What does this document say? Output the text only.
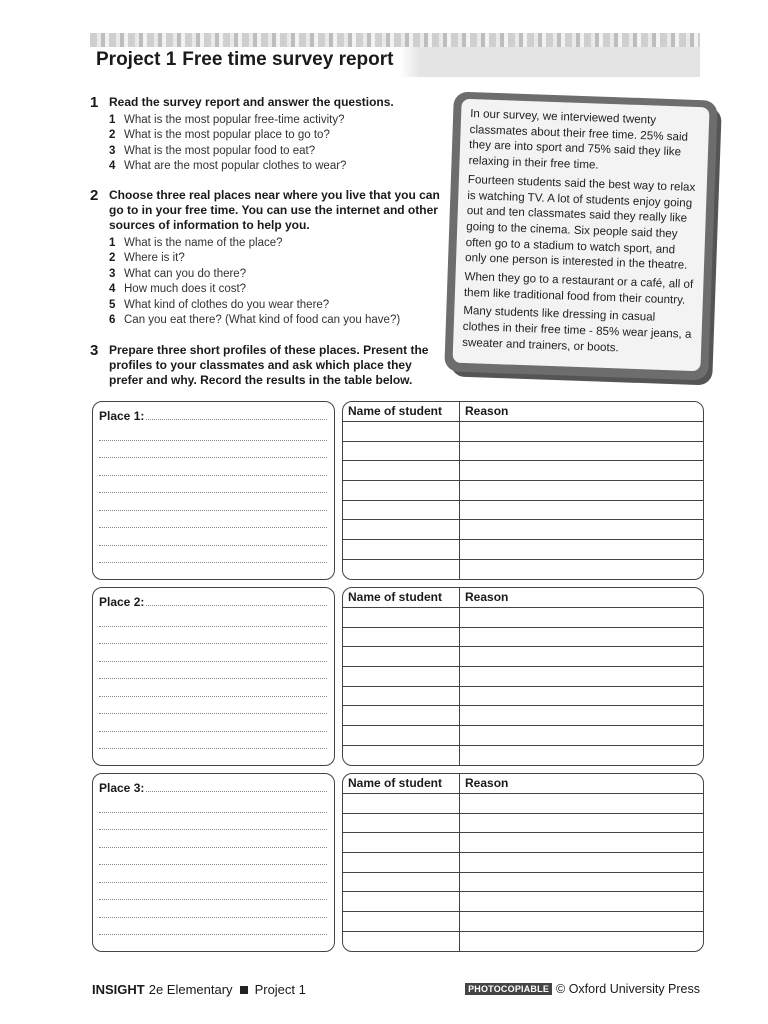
Project 1 Free time survey report
1 Read the survey report and answer the questions.
1 What is the most popular free-time activity?
2 What is the most popular place to go to?
3 What is the most popular food to eat?
4 What are the most popular clothes to wear?
2 Choose three real places near where you live that you can go to in your free time. You can use the internet and other sources of information to help you.
1 What is the name of the place?
2 Where is it?
3 What can you do there?
4 How much does it cost?
5 What kind of clothes do you wear there?
6 Can you eat there? (What kind of food can you have?)
3 Prepare three short profiles of these places. Present the profiles to your classmates and ask which place they prefer and why. Record the results in the table below.

In our survey, we interviewed twenty classmates about their free time. 25% said they are into sport and 75% said they like relaxing in their free time.

Fourteen students said the best way to relax is watching TV. A lot of students enjoy going out and ten classmates said they really like going to the cinema. Six people said they often go to a stadium to watch sport, and only one person is interested in the theatre.

When they go to a restaurant or a café, all of them like traditional food from their country.

Many students like dressing in casual clothes in their free time - 85% wear jeans, a sweater and trainers, or boots.

Place 1:
Place 2:
Place 3:
Name of student	Reason
Name of student	Reason
Name of student	Reason
INSIGHT 2e Elementary Project 1	PHOTOCOPIABLE © Oxford University Press
